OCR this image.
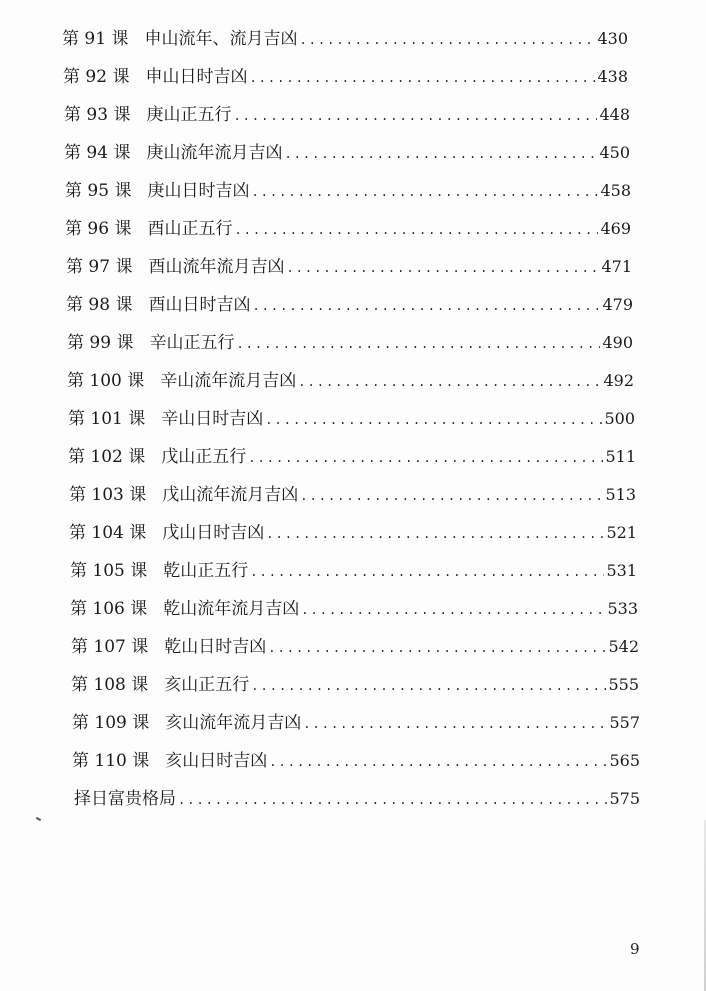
第 91 课 申山流年、流月吉凶 .....	430
第 92 课 申山日时吉凶 .....	438
第 93 课 庚山正五行 .....	448
第 94 课 庚山流年流月吉凶 .....	450
第 95 课 庚山日时吉凶 .....	458
第 96 课 酉山正五行 .....	469
第 97 课 酉山流年流月吉凶 .....	471
第 98 课 酉山日时吉凶 .....	479
第 99 课 辛山正五行 .....	490
第 100 课 辛山流年流月吉凶 .....	492
第 101 课 辛山日时吉凶 .....	500
第 102 课 戊山正五行 .....	511
第 103 课 戊山流年流月吉凶 .....	513
第 104 课 戊山日时吉凶 .....	521
第 105 课 乾山正五行 .....	531
第 106 课 乾山流年流月吉凶 .....	533
第 107 课 乾山日时吉凶 .....	542
第 108 课 亥山正五行 .....	555
第 109 课 亥山流年流月吉凶 .....	557
第 110 课 亥山日时吉凶 .....	565
择日富贵格局 .....	575
9
